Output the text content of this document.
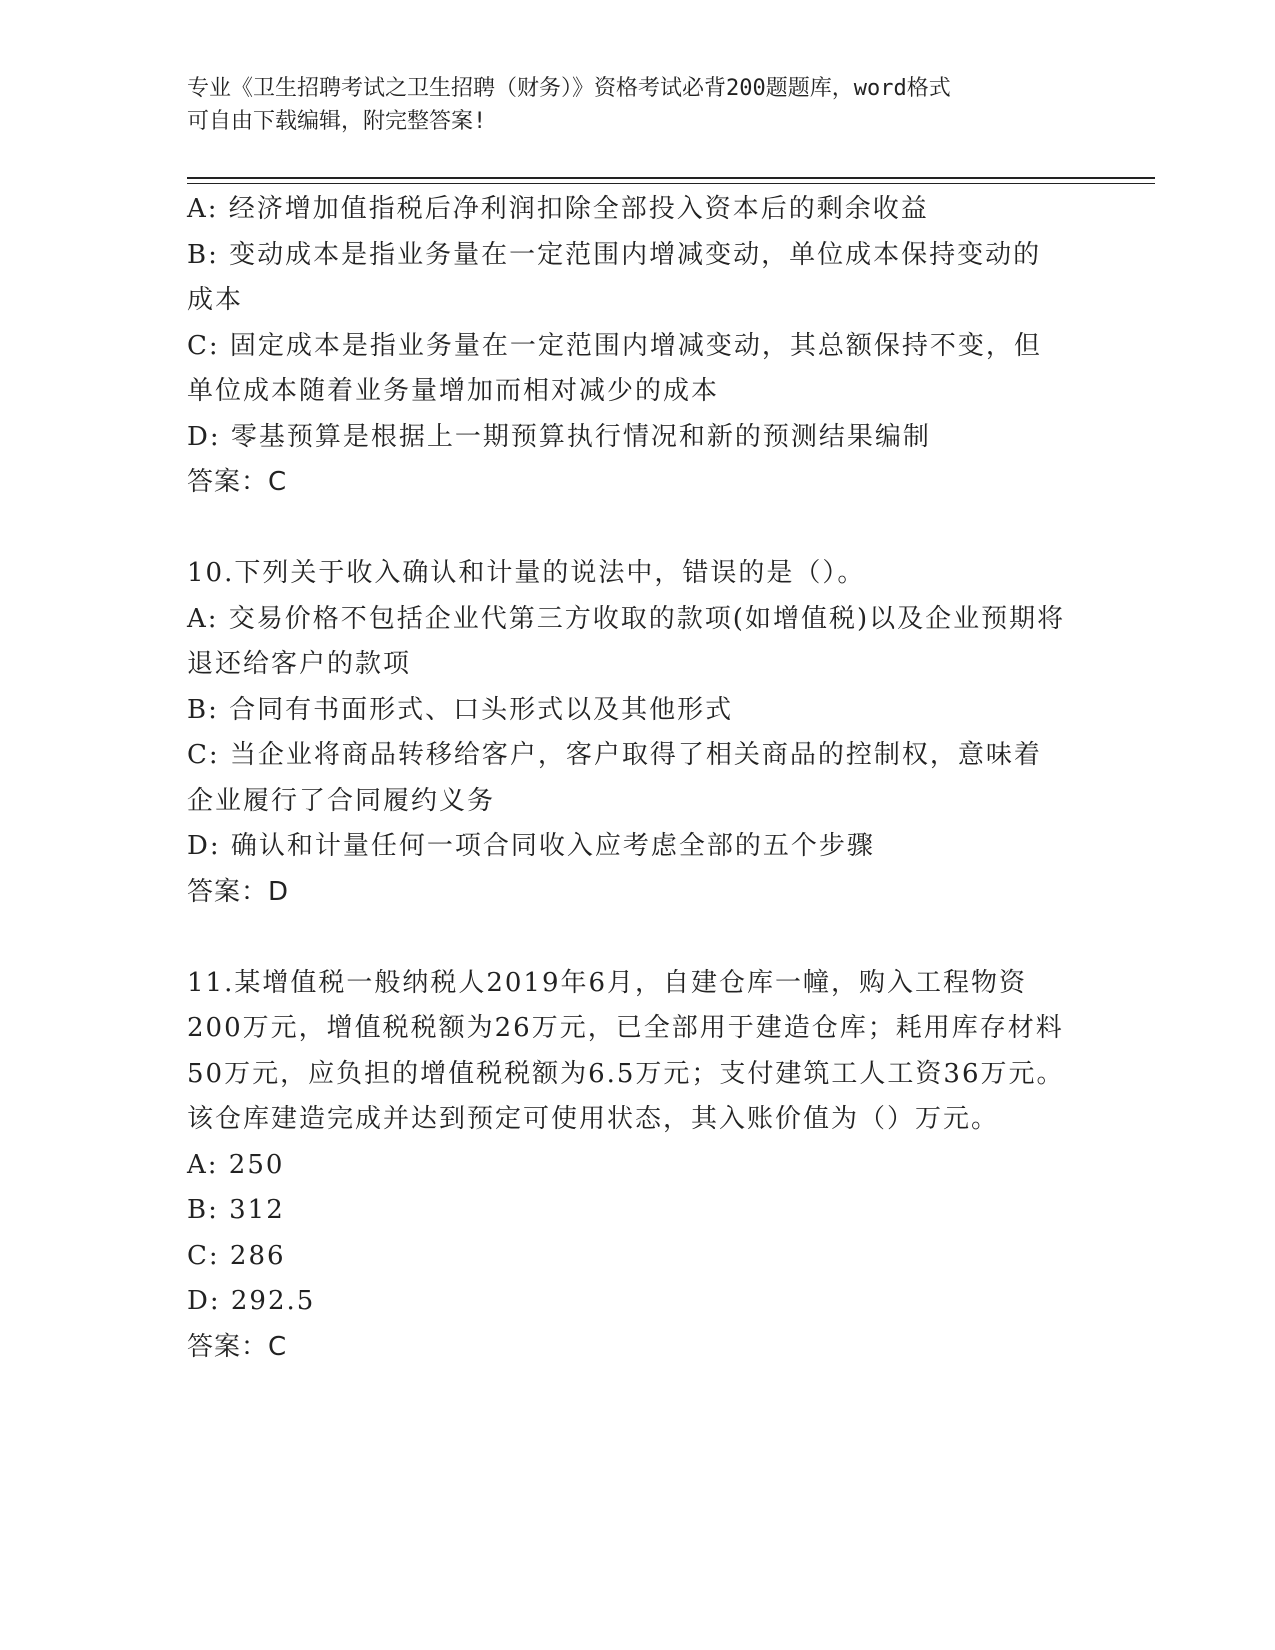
专业《卫生招聘考试之卫生招聘（财务）》资格考试必背200题题库，word格式
可自由下载编辑，附完整答案!

A: 经济增加值指税后净利润扣除全部投入资本后的剩余收益

B: 变动成本是指业务量在一定范围内增减变动，单位成本保持变动的成本

C: 固定成本是指业务量在一定范围内增减变动，其总额保持不变，但单位成本随着业务量增加而相对减少的成本

D: 零基预算是根据上一期预算执行情况和新的预测结果编制

答案：C

10.下列关于收入确认和计量的说法中，错误的是（）。

A: 交易价格不包括企业代第三方收取的款项(如增值税)以及企业预期将退还给客户的款项

B: 合同有书面形式、口头形式以及其他形式

C: 当企业将商品转移给客户，客户取得了相关商品的控制权，意味着企业履行了合同履约义务

D: 确认和计量任何一项合同收入应考虑全部的五个步骤

答案：D

11.某增值税一般纳税人2019年6月，自建仓库一幢，购入工程物资200万元，增值税税额为26万元，已全部用于建造仓库；耗用库存材料50万元，应负担的增值税税额为6.5万元；支付建筑工人工资36万元。该仓库建造完成并达到预定可使用状态，其入账价值为（）万元。

A: 250

B: 312

C: 286

D: 292.5

答案：C
